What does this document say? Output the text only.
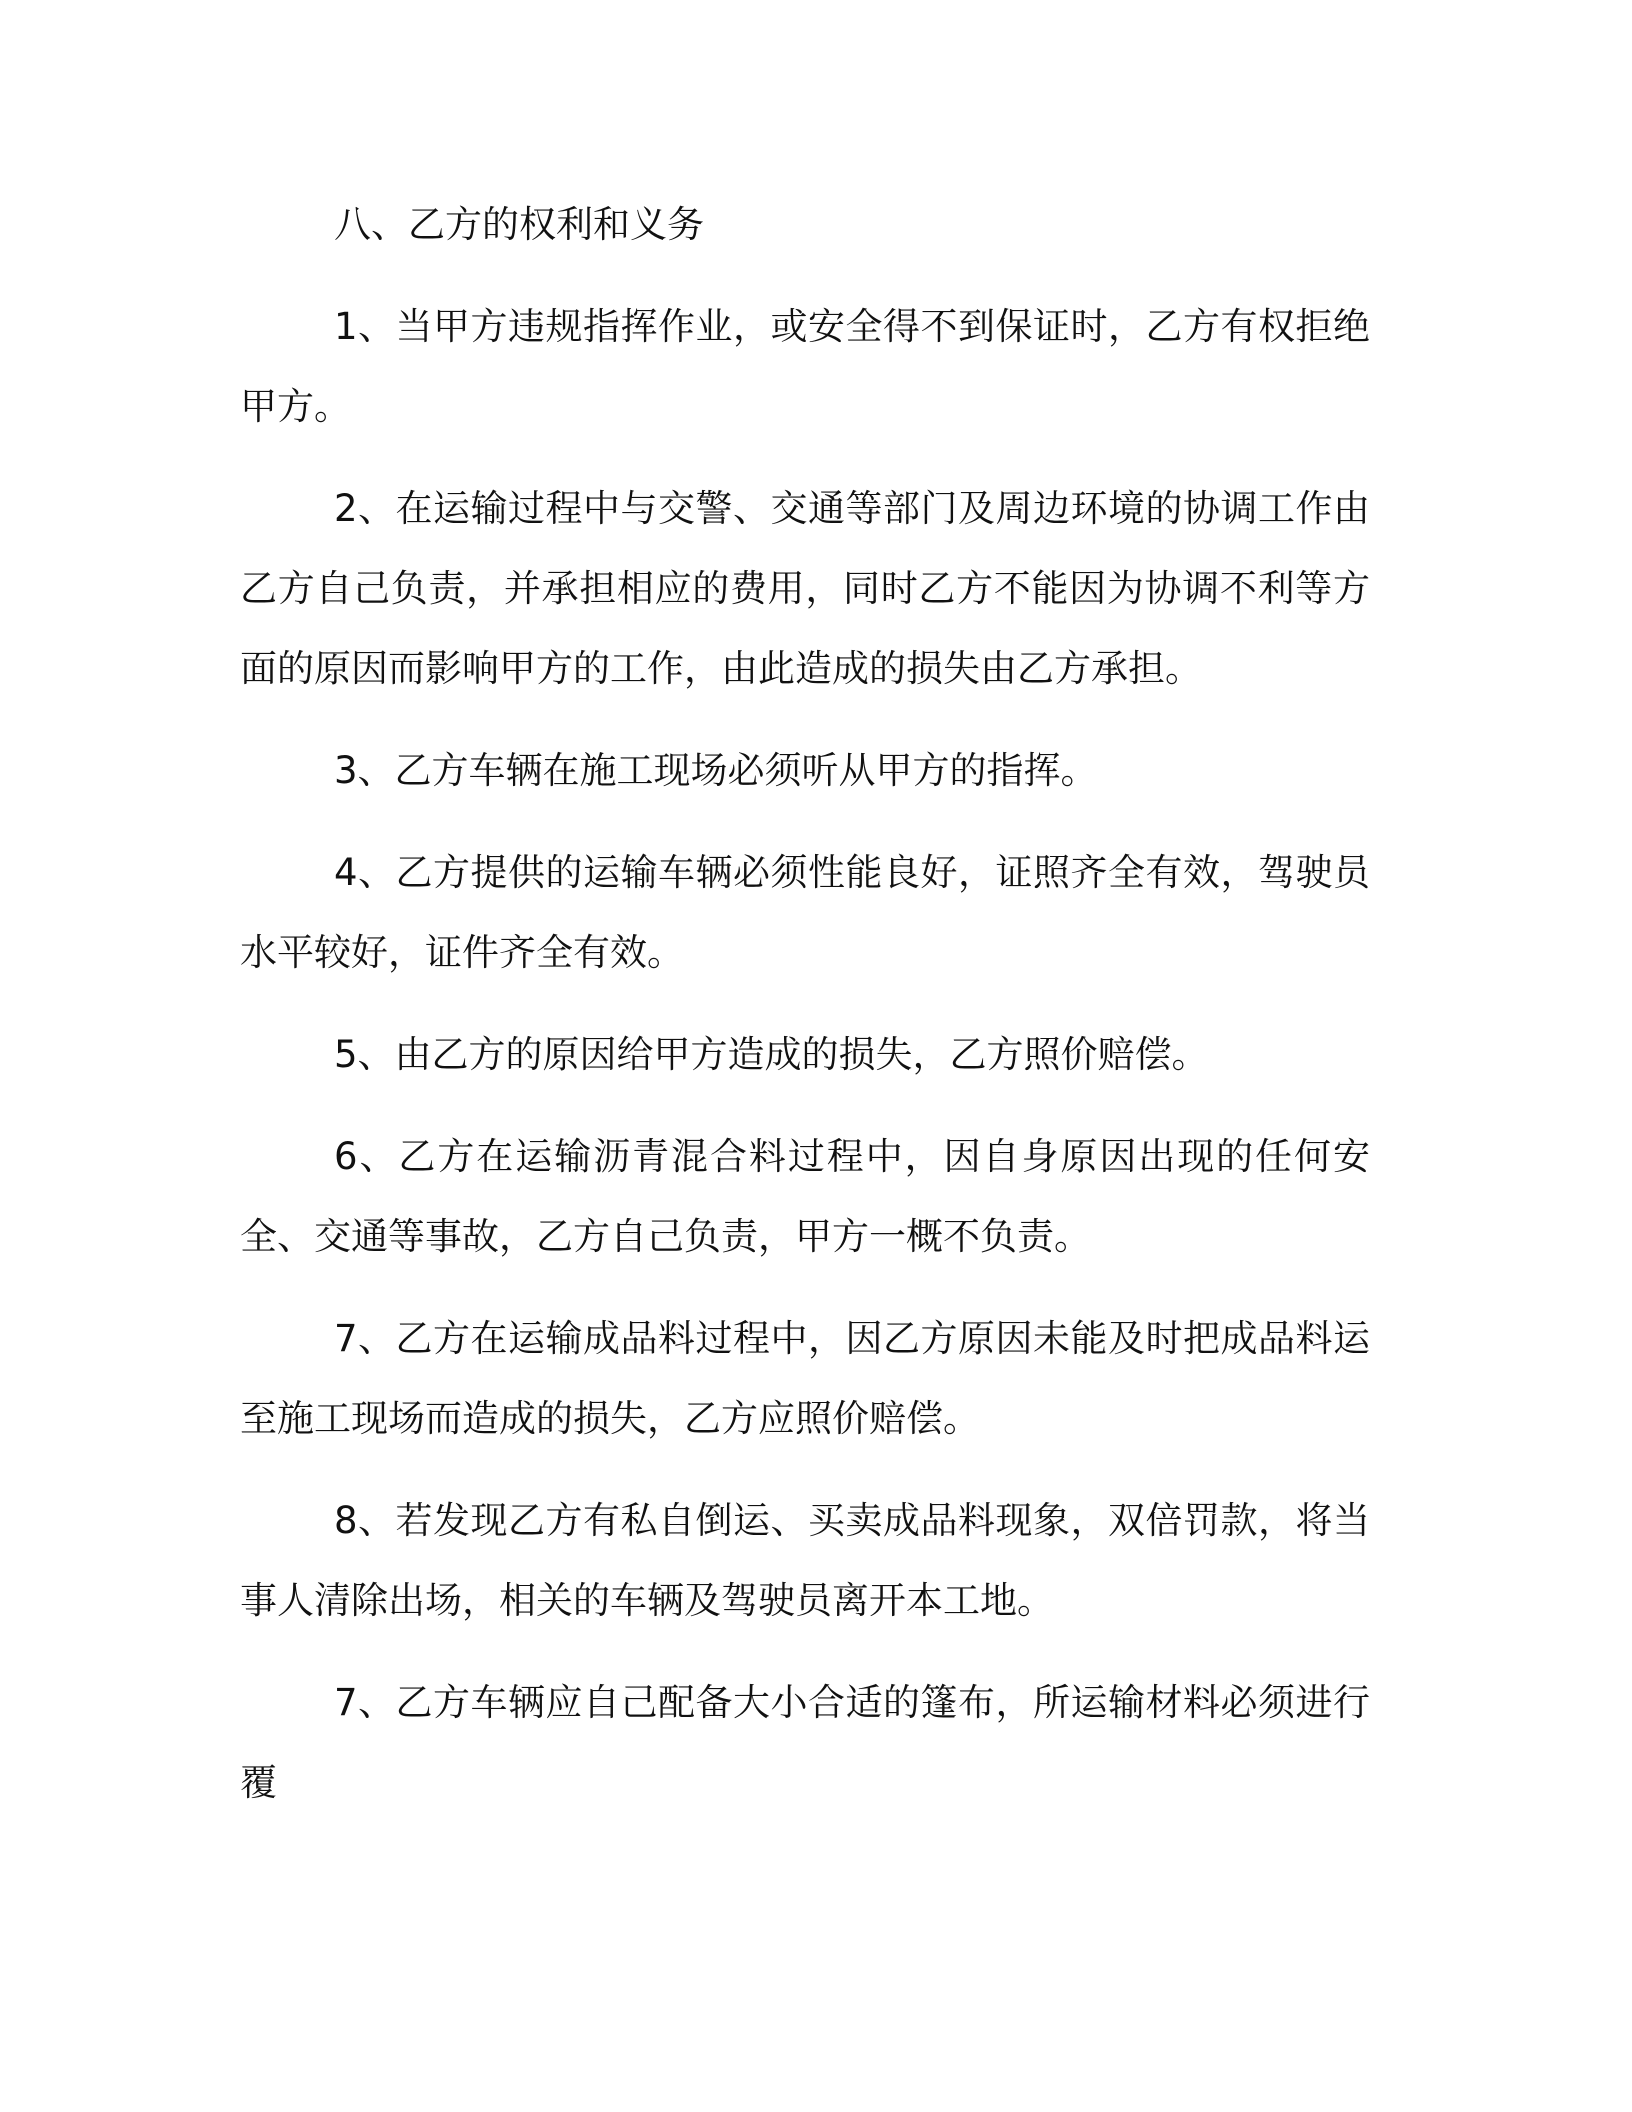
八、乙方的权利和义务

1、当甲方违规指挥作业，或安全得不到保证时，乙方有权拒绝甲方。

2、在运输过程中与交警、交通等部门及周边环境的协调工作由乙方自己负责，并承担相应的费用，同时乙方不能因为协调不利等方面的原因而影响甲方的工作，由此造成的损失由乙方承担。

3、乙方车辆在施工现场必须听从甲方的指挥。

4、乙方提供的运输车辆必须性能良好，证照齐全有效，驾驶员水平较好，证件齐全有效。

5、由乙方的原因给甲方造成的损失，乙方照价赔偿。

6、乙方在运输沥青混合料过程中，因自身原因出现的任何安全、交通等事故，乙方自己负责，甲方一概不负责。

7、乙方在运输成品料过程中，因乙方原因未能及时把成品料运至施工现场而造成的损失，乙方应照价赔偿。

8、若发现乙方有私自倒运、买卖成品料现象，双倍罚款，将当事人清除出场，相关的车辆及驾驶员离开本工地。

7、乙方车辆应自己配备大小合适的篷布，所运输材料必须进行覆
